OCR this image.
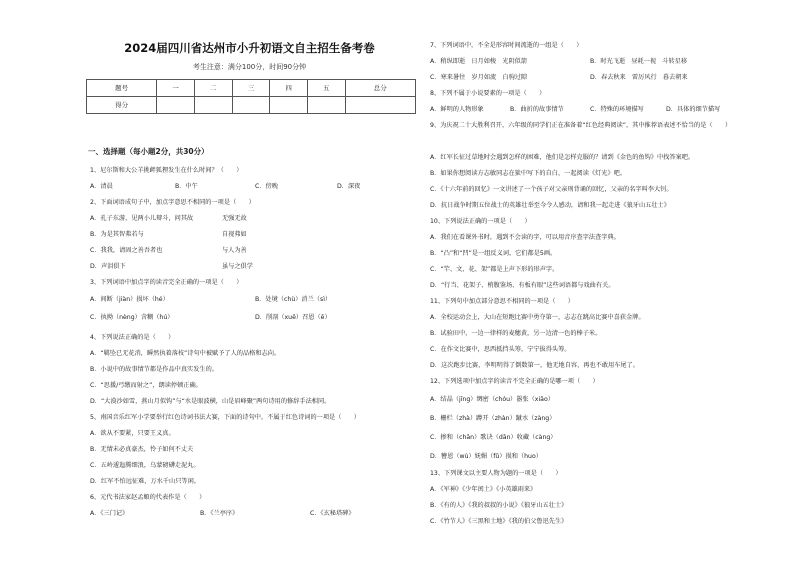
2024届四川省达州市小升初语文自主招生备考卷
考生注意：满分100分，时间90分钟
题号	一	二	三	四	五	总分
得分						
一、选择题（每小题2分，共30分）
1、尼尔斯和大公羊挑衅狐狸发生在什么时间？（　　）
A．清晨	B．中午	C．傍晚	D．深夜
2、下面词语成句子中，加点字意思不相同的一项是（　　）
A．孔子东游，见两小儿辩斗，问其故	无强无故
B．为是其智弗若与	自视弗如
C．我我，请固之善吾者也	与人为善
D．声泪俱下	虽与之俱学
3、下列词语中加点字的读音完全正确的一项是（　　）
A．间断（jiàn）损坏（hé）	B．处境（chù）消兰（sì）
C．执拗（nèng）含糊（hú）	D．削剖（xuē）召恩（ē）
4、下列说法正确的是（　　）
A．“羁坠已无花消，瞬然执着落枝”诗句中被赋予了人的品格和志向。
B．小说中的故事情节都是作品中真实发生的。
C．“思援/弓缴而射之”，朗读停顿正确。
D．“大漠沙如雪，燕山月似钩”与“水是眼波横，山是眉峰聚”两句诗用的修辞手法相同。
5、南国音乐红军小学要举行红色诗词书法大赛，下面的诗句中，不属于红色诗词的一项是（　　）
A．欲从不要紧，只要王义真。
B．无情未必真豪杰，怜子如何不丈夫
C．五岭逶迤腾细浪，乌蒙磅礴走泥丸。
D．红军不怕远征难，万水千山只等闲。
6、元代书法家赵孟頫的代表作是（　　）
A．《三门记》	B．《兰亭序》	C．《玄秘塔碑》
7、下列词语中，不全是形容时间流逝的一组是（　　）
A．稍纵即逝　日月如梭　光阴似箭	B．时光飞逝　昼耗一视　斗转星移
C．寒来暑往　岁月如流　白驹过隙	D．春去秋来　雷厉风行　暮去朝来
8、下列不属于小说要素的一项是（　　）
A．鲜明的人物形象	B．曲折的故事情节	C．特殊的环境描写	D．具体的细节描写
9、为庆祝二十大胜利召开，六年级的同学们正在准备着“红色经典阅读”，其中推荐语表述不恰当的是（　　）
A．红军长征过草地时会遇到怎样的困难，他们是怎样克服的？请到《金色的鱼钩》中找答案吧。
B．如果你想阅读方志敏同志在狱中写下的自白，一起阅读《灯光》吧。
C．《十六年前的回忆》一文讲述了一个孩子对父亲刑背诵的回忆，父亲的名字叫李大钊。
D．抗日战争时期五位战士的英雄壮举至今令人感动，请和我一起走进《狼牙山五壮士》
10、下列说法正确的一项是（　　）
A．我们在看课外书时，遇到不会读的字，可以用音序查字法查字典。
B．“凸”和“凹”是一组反义词，它们都是5画。
C．“竿、文、花、架”都是上声下形的形声字。
D．“行当、花架子、梢腹鉴场、有板有眼”这些词语都与戏曲有关。
11、下列句中加点部分意思不相同的一项是（　　）
A．全校运动会上，大山在短跑比赛中勇夺第一，志志在跳高比赛中喜获金牌。
B．试验田中，一边一律样的麦穗黄，另一边清一色的棒子米。
C．在作文比赛中，思西抵挡头筹，宁宁拔得头筹。
D．这次跑步比赛，李明明得了倒数第一，他无地自容，再也不敢用车尾了。
12、下列选项中加点字的读音不完全正确的是哪一项（　　）
A．结晶（jīng）绸密（chóu）嚣张（xiāo）
B．栅栏（zhà）蹲开（zhàn）蹴水（zàng）
C．掺和（chān）歌诀（dān）收藏（càng）
D．簪恩（wù）妩媚（fǔ）损和（huo）
13、下列课文以主要人物为题的一项是（　　）
A．《军神》《少年闰土》《小英雄雨来》
B．《有的人》《我的叔叔的小说》《狼牙山五壮士》
C．《竹节人》《三黑和土地》《我的伯父鲁迅先生》
